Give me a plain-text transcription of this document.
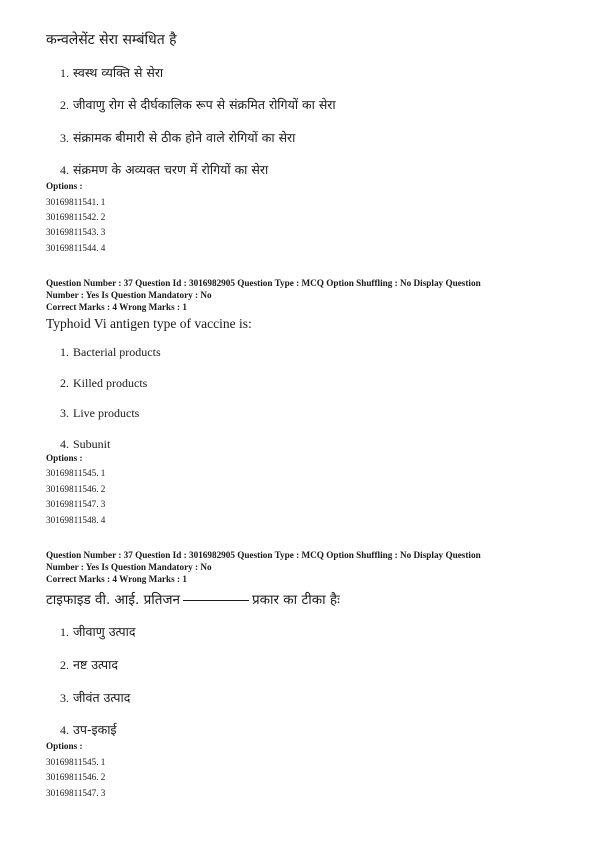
कन्वलेसेंट सेरा सम्बंधित है
1. स्वस्थ व्यक्ति से सेरा
2. जीवाणु रोग से दीर्घकालिक रूप से संक्रमित रोगियों का सेरा
3. संक्रामक बीमारी से ठीक होने वाले रोगियों का सेरा
4. संक्रमण के अव्यक्त चरण में रोगियों का सेरा
Options :
30169811541. 1
30169811542. 2
30169811543. 3
30169811544. 4
Question Number : 37 Question Id : 3016982905 Question Type : MCQ Option Shuffling : No Display Question
Number : Yes Is Question Mandatory : No
Correct Marks : 4 Wrong Marks : 1
Typhoid Vi antigen type of vaccine is:
1. Bacterial products
2. Killed products
3. Live products
4. Subunit
Options :
30169811545. 1
30169811546. 2
30169811547. 3
30169811548. 4
Question Number : 37 Question Id : 3016982905 Question Type : MCQ Option Shuffling : No Display Question
Number : Yes Is Question Mandatory : No
Correct Marks : 4 Wrong Marks : 1
टाइफाइड वी. आई. प्रतिजन	प्रकार का टीका हैः
1. जीवाणु उत्पाद
2. नष्ट उत्पाद
3. जीवंत उत्पाद
4. उप-इकाई
Options :
30169811545. 1
30169811546. 2
30169811547. 3
